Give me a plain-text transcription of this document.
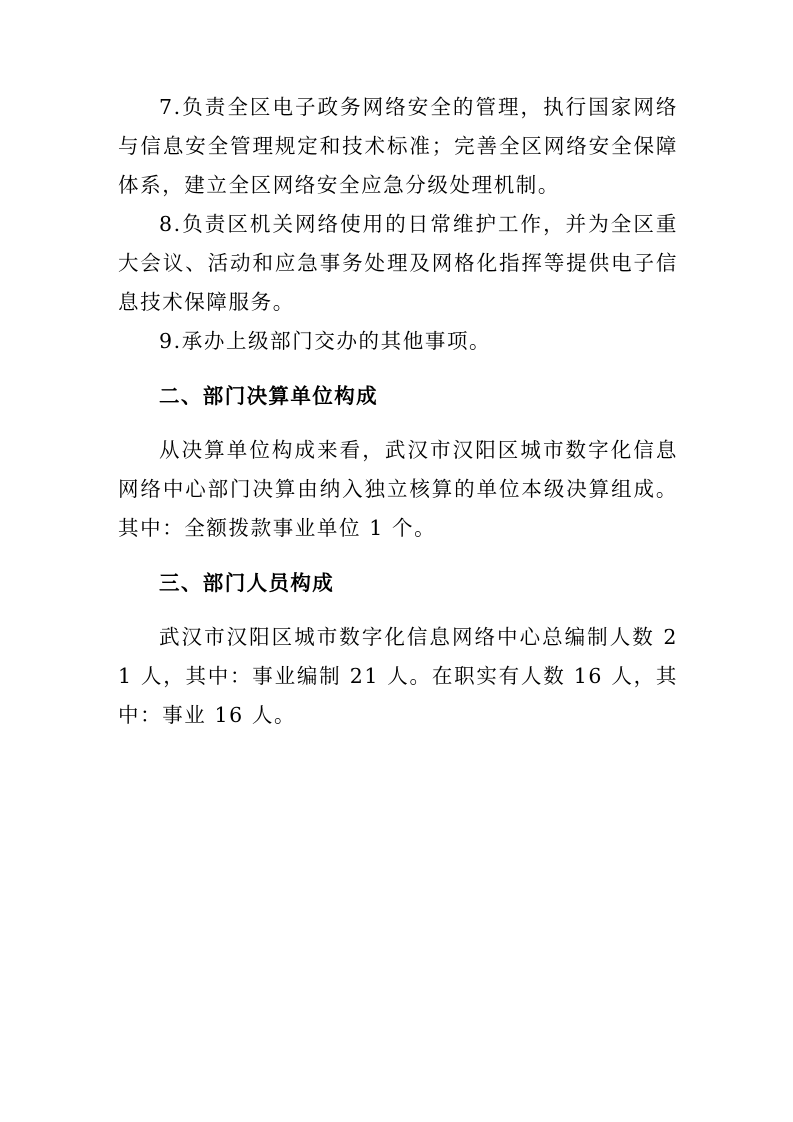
7.负责全区电子政务网络安全的管理，执行国家网络与信息安全管理规定和技术标准；完善全区网络安全保障体系，建立全区网络安全应急分级处理机制。

8.负责区机关网络使用的日常维护工作，并为全区重大会议、活动和应急事务处理及网格化指挥等提供电子信息技术保障服务。

9.承办上级部门交办的其他事项。

二、部门决算单位构成

从决算单位构成来看，武汉市汉阳区城市数字化信息网络中心部门决算由纳入独立核算的单位本级决算组成。其中：全额拨款事业单位 1 个。

三、部门人员构成

武汉市汉阳区城市数字化信息网络中心总编制人数 21 人，其中：事业编制 21 人。在职实有人数 16 人，其中：事业 16 人。
